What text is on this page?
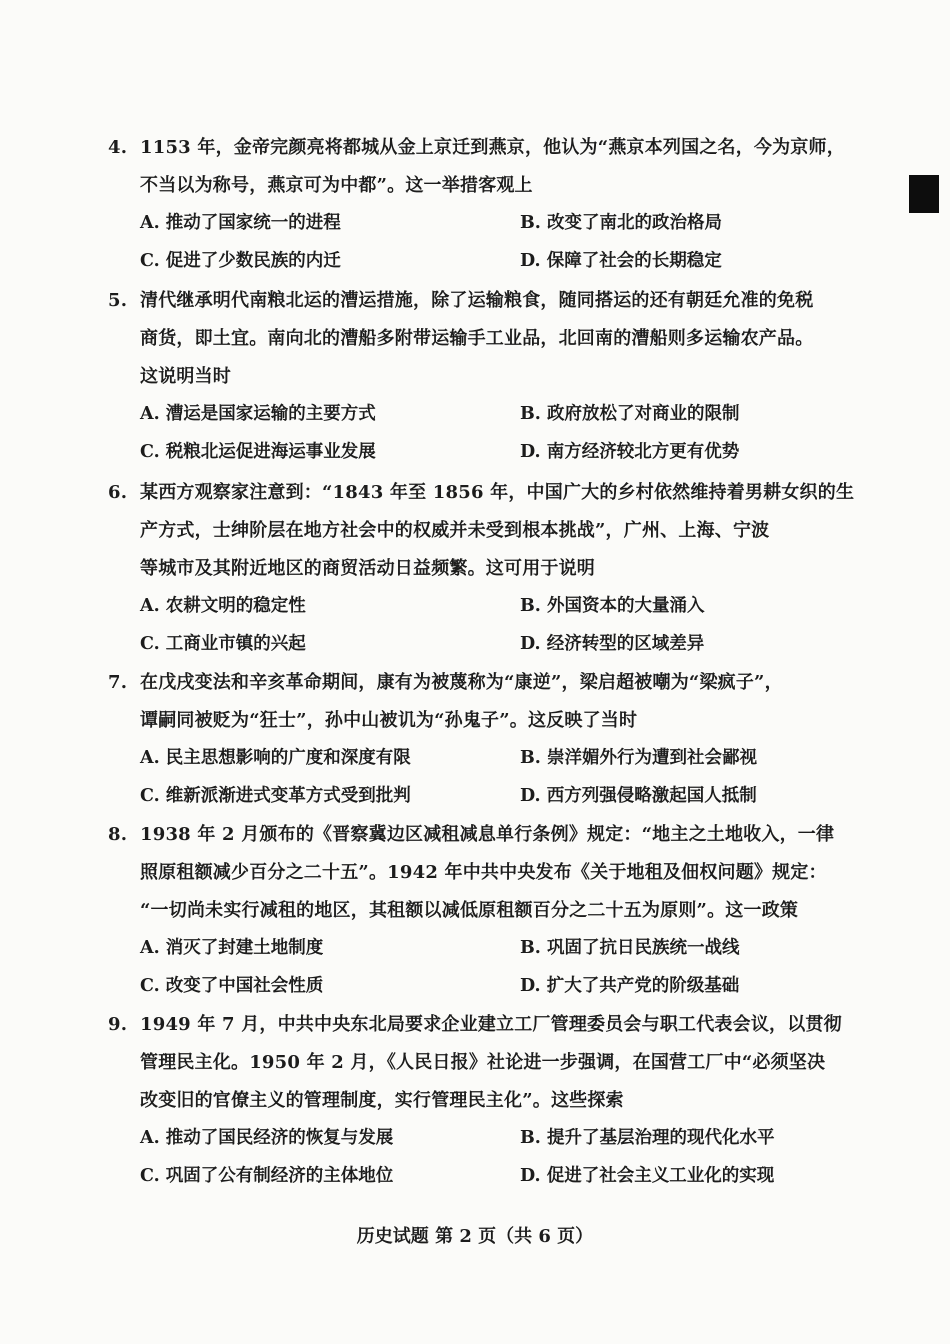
4. 1153 年，金帝完颜亮将都城从金上京迁到燕京，他认为“燕京本列国之名，今为京师，
不当以为称号，燕京可为中都”。这一举措客观上
A. 推动了国家统一的进程	B. 改变了南北的政治格局
C. 促进了少数民族的内迁	D. 保障了社会的长期稳定
5. 清代继承明代南粮北运的漕运措施，除了运输粮食，随同搭运的还有朝廷允准的免税
商货，即土宜。南向北的漕船多附带运输手工业品，北回南的漕船则多运输农产品。
这说明当时
A. 漕运是国家运输的主要方式	B. 政府放松了对商业的限制
C. 税粮北运促进海运事业发展	D. 南方经济较北方更有优势
6. 某西方观察家注意到：“1843 年至 1856 年，中国广大的乡村依然维持着男耕女织的生
产方式，士绅阶层在地方社会中的权威并未受到根本挑战”，广州、上海、宁波
等城市及其附近地区的商贸活动日益频繁。这可用于说明
A. 农耕文明的稳定性	B. 外国资本的大量涌入
C. 工商业市镇的兴起	D. 经济转型的区域差异
7. 在戊戌变法和辛亥革命期间，康有为被蔑称为“康逆”，梁启超被嘲为“梁疯子”，
谭嗣同被贬为“狂士”，孙中山被讥为“孙鬼子”。这反映了当时
A. 民主思想影响的广度和深度有限	B. 崇洋媚外行为遭到社会鄙视
C. 维新派渐进式变革方式受到批判	D. 西方列强侵略激起国人抵制
8. 1938 年 2 月颁布的《晋察冀边区减租减息单行条例》规定：“地主之土地收入，一律
照原租额减少百分之二十五”。1942 年中共中央发布《关于地租及佃权问题》规定：
“一切尚未实行减租的地区，其租额以减低原租额百分之二十五为原则”。这一政策
A. 消灭了封建土地制度	B. 巩固了抗日民族统一战线
C. 改变了中国社会性质	D. 扩大了共产党的阶级基础
9. 1949 年 7 月，中共中央东北局要求企业建立工厂管理委员会与职工代表会议，以贯彻
管理民主化。1950 年 2 月，《人民日报》社论进一步强调，在国营工厂中“必须坚决
改变旧的官僚主义的管理制度，实行管理民主化”。这些探索
A. 推动了国民经济的恢复与发展	B. 提升了基层治理的现代化水平
C. 巩固了公有制经济的主体地位	D. 促进了社会主义工业化的实现
历史试题 第 2 页（共 6 页）
